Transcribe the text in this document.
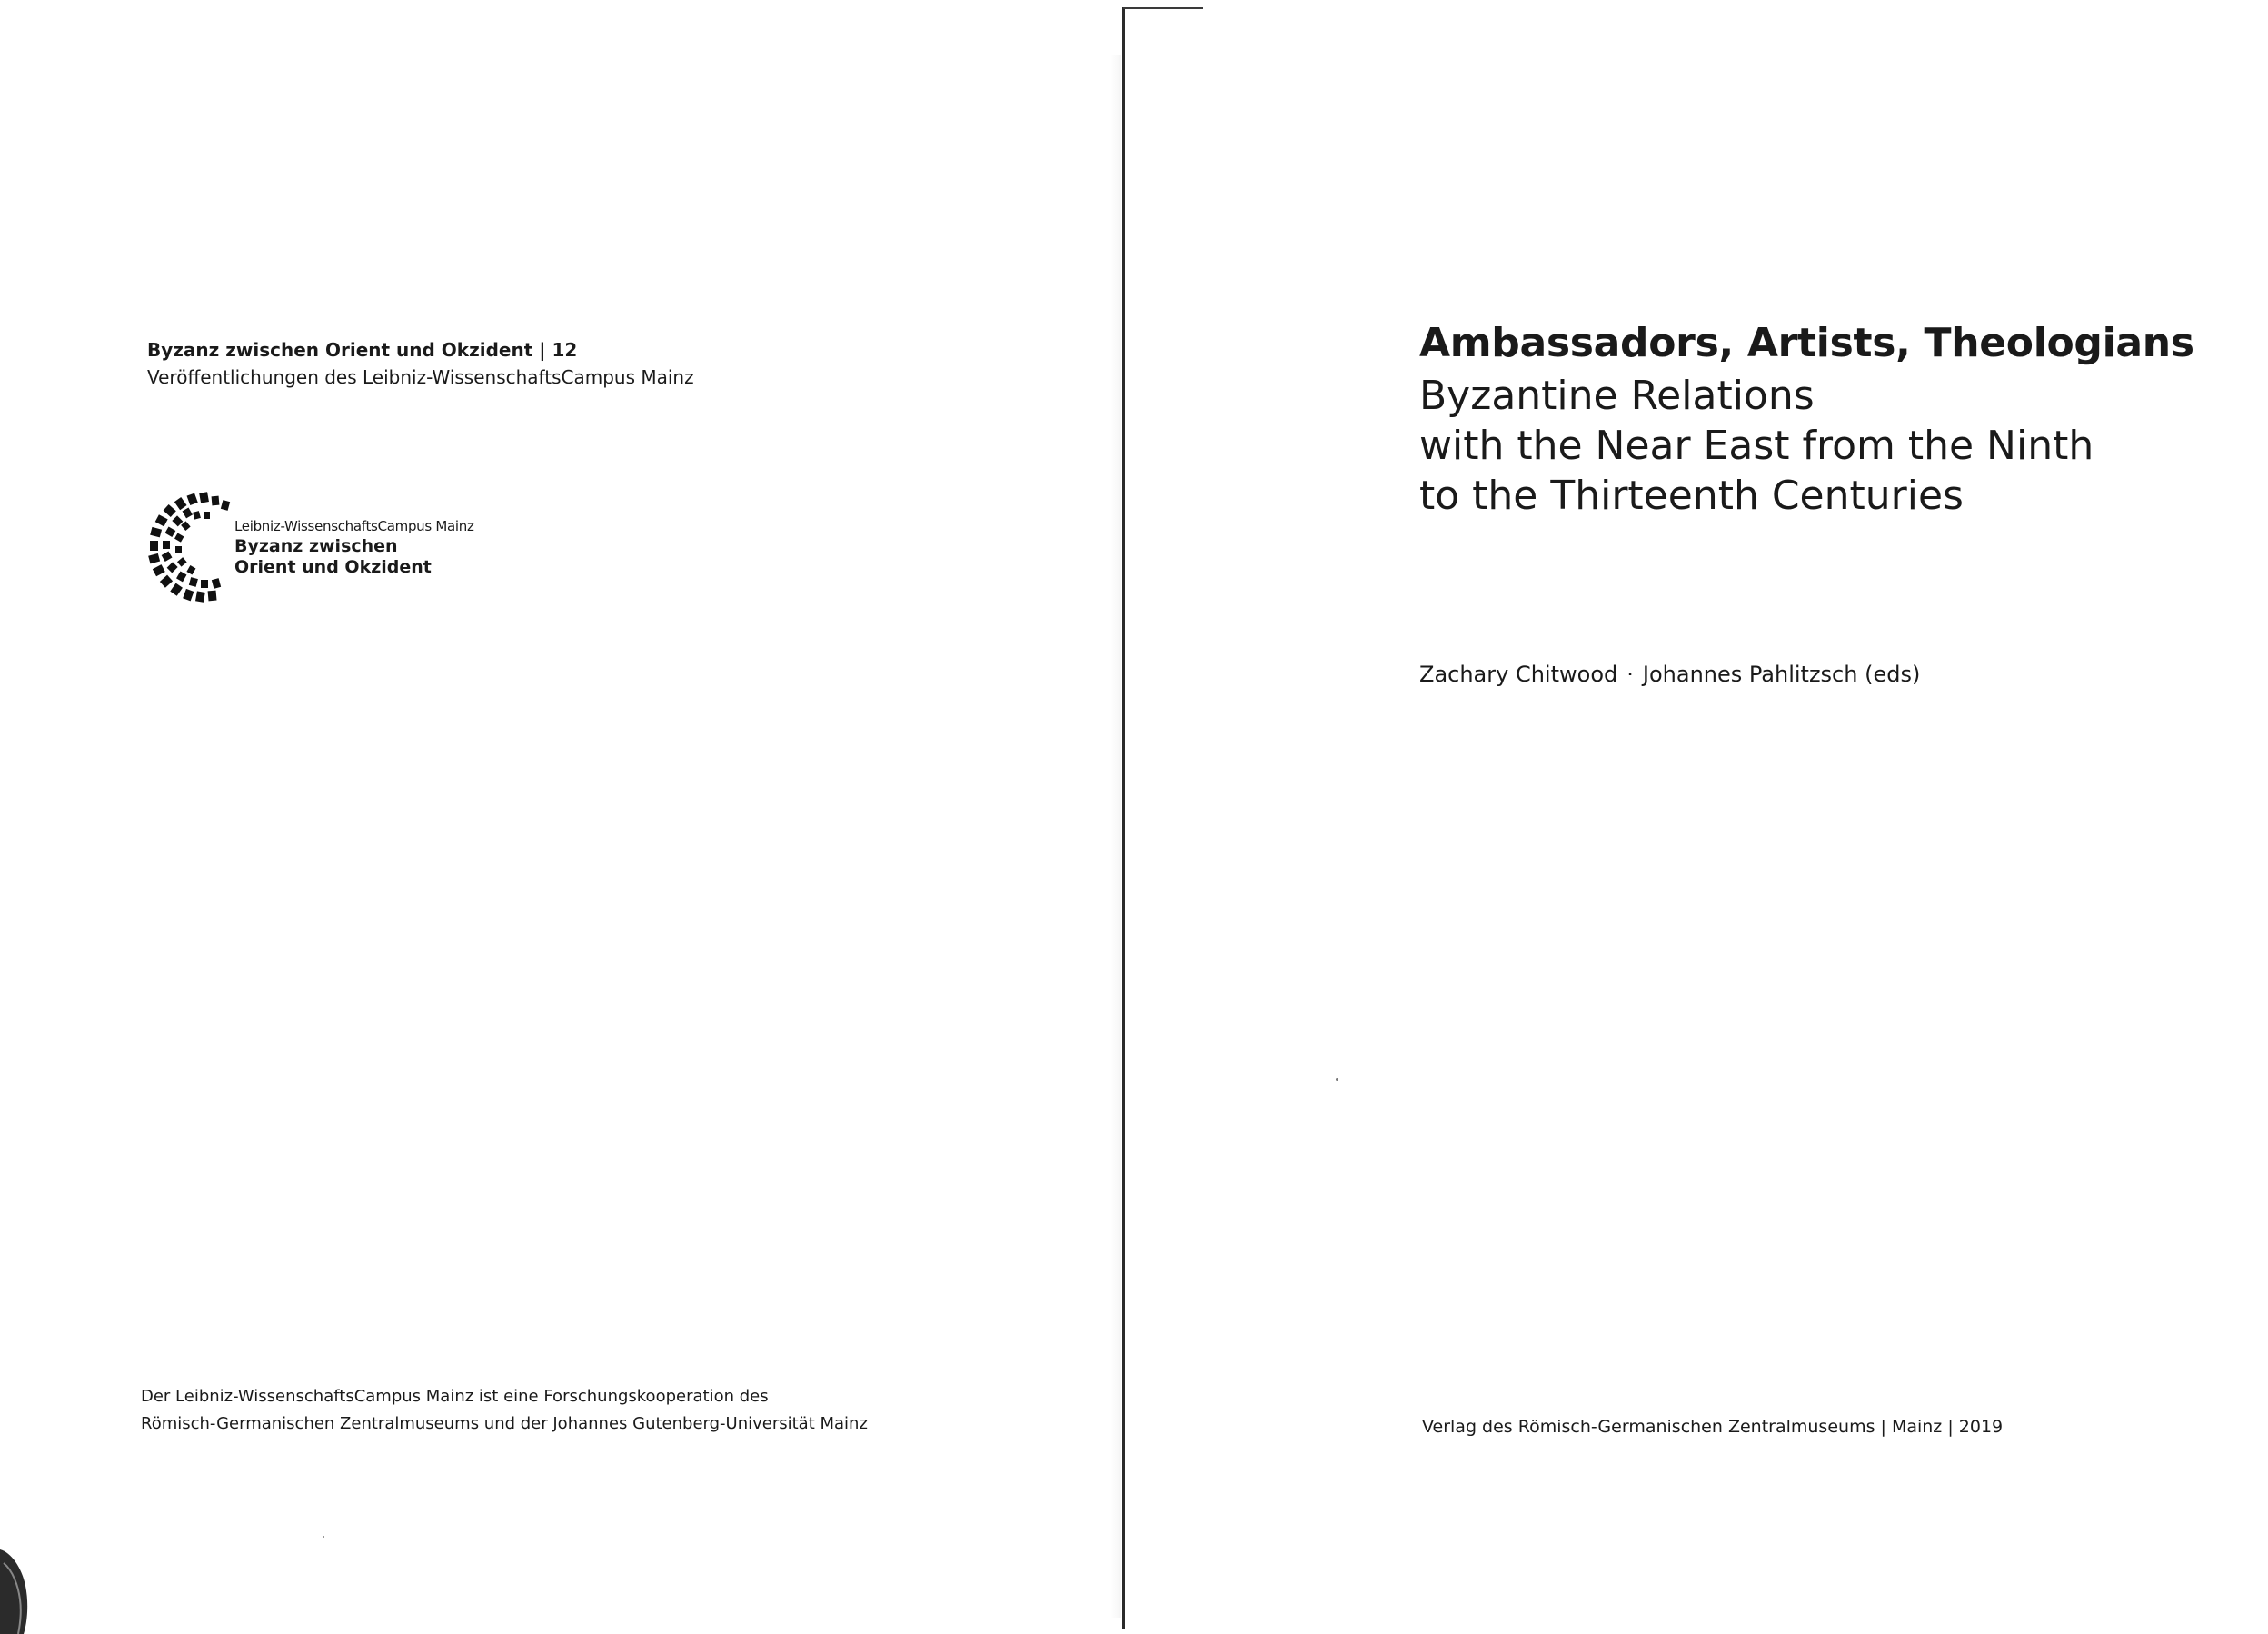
Byzanz zwischen Orient und Okzident | 12
Veröffentlichungen des Leibniz-WissenschaftsCampus Mainz
Leibniz-WissenschaftsCampus Mainz
Byzanz zwischen
Orient und Okzident
Der Leibniz-WissenschaftsCampus Mainz ist eine Forschungskooperation des
Römisch-Germanischen Zentralmuseums und der Johannes Gutenberg-Universität Mainz
Ambassadors, Artists, Theologians
Byzantine Relations
with the Near East from the Ninth
to the Thirteenth Centuries
Zachary Chitwood · Johannes Pahlitzsch (eds)
Verlag des Römisch-Germanischen Zentralmuseums | Mainz | 2019
